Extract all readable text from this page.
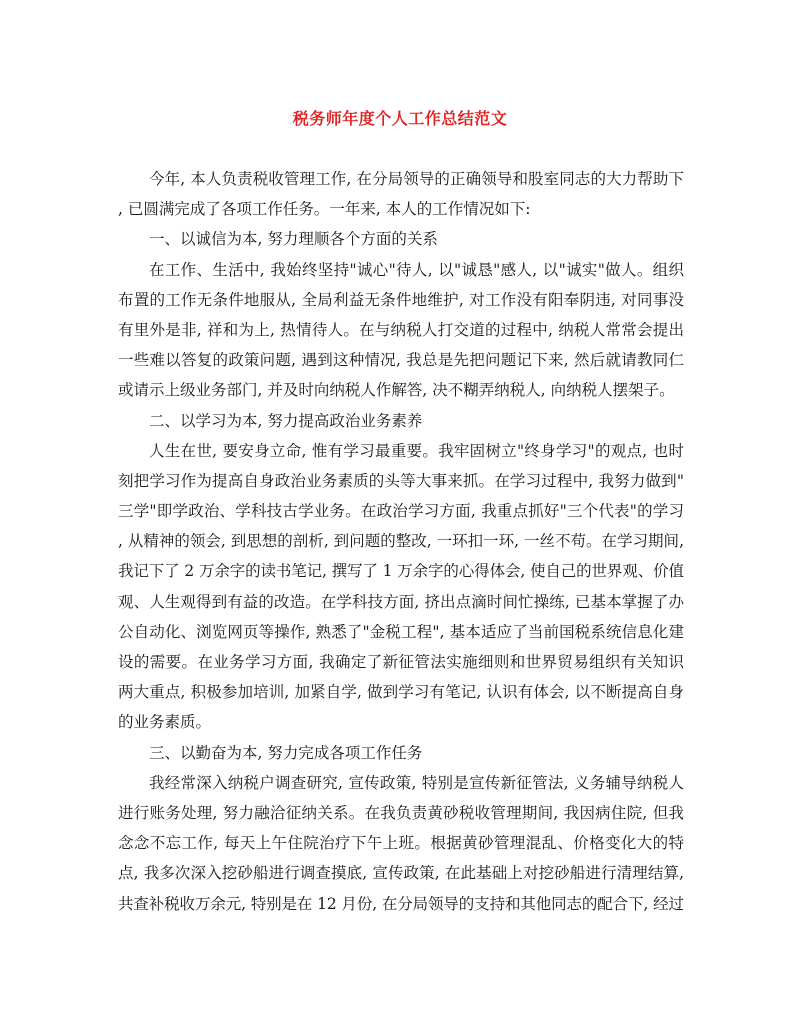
税务师年度个人工作总结范文
今年, 本人负责税收管理工作, 在分局领导的正确领导和股室同志的大力帮助下
, 已圆满完成了各项工作任务。一年来, 本人的工作情况如下:
一、以诚信为本, 努力理顺各个方面的关系
在工作、生活中, 我始终坚持"诚心"待人, 以"诚恳"感人, 以"诚实"做人。组织
布置的工作无条件地服从, 全局利益无条件地维护, 对工作没有阳奉阴违, 对同事没
有里外是非, 祥和为上, 热情待人。在与纳税人打交道的过程中, 纳税人常常会提出
一些难以答复的政策问题, 遇到这种情况, 我总是先把问题记下来, 然后就请教同仁
或请示上级业务部门, 并及时向纳税人作解答, 决不糊弄纳税人, 向纳税人摆架子。
二、以学习为本, 努力提高政治业务素养
人生在世, 要安身立命, 惟有学习最重要。我牢固树立"终身学习"的观点, 也时
刻把学习作为提高自身政治业务素质的头等大事来抓。在学习过程中, 我努力做到"
三学"即学政治、学科技古学业务。在政治学习方面, 我重点抓好"三个代表"的学习
, 从精神的领会, 到思想的剖析, 到问题的整改, 一环扣一环, 一丝不苟。在学习期间,
我记下了 2 万余字的读书笔记, 撰写了 1 万余字的心得体会, 使自己的世界观、价值
观、人生观得到有益的改造。在学科技方面, 挤出点滴时间忙操练, 已基本掌握了办
公自动化、浏览网页等操作, 熟悉了"金税工程", 基本适应了当前国税系统信息化建
设的需要。在业务学习方面, 我确定了新征管法实施细则和世界贸易组织有关知识
两大重点, 积极参加培训, 加紧自学, 做到学习有笔记, 认识有体会, 以不断提高自身
的业务素质。
三、以勤奋为本, 努力完成各项工作任务
我经常深入纳税户调查研究, 宣传政策, 特别是宣传新征管法, 义务辅导纳税人
进行账务处理, 努力融洽征纳关系。在我负责黄砂税收管理期间, 我因病住院, 但我
念念不忘工作, 每天上午住院治疗下午上班。根据黄砂管理混乱、价格变化大的特
点, 我多次深入挖砂船进行调查摸底, 宣传政策, 在此基础上对挖砂船进行清理结算,
共查补税收万余元, 特别是在 12 月份, 在分局领导的支持和其他同志的配合下, 经过
